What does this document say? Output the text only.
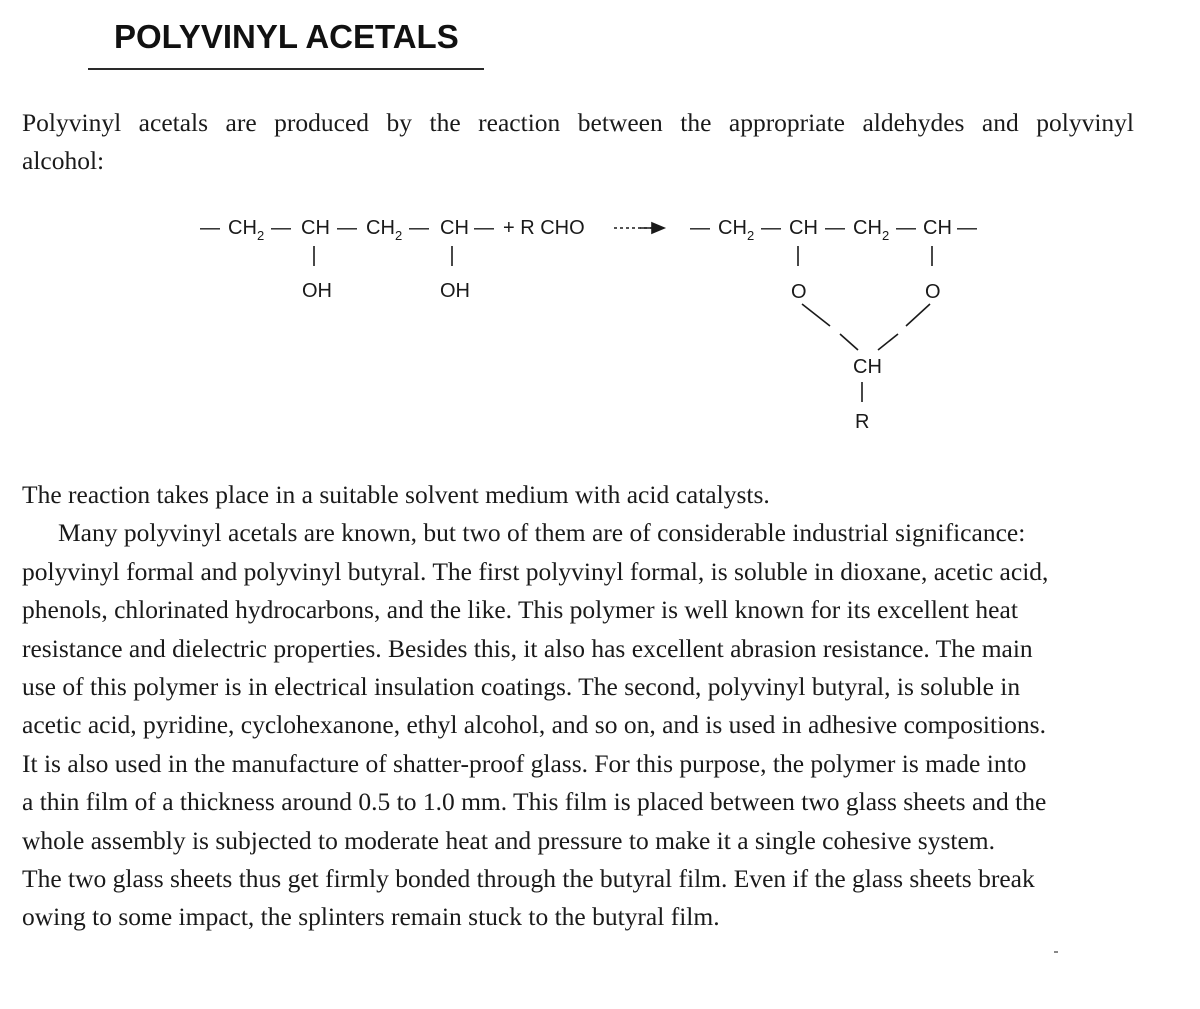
POLYVINYL ACETALS

Polyvinyl acetals are produced by the reaction between the appropriate aldehydes and polyvinyl
alcohol:

— CH 2 — CH — CH 2 — CH —
OH	OH
+ R CHO	— CH 2 — CH — CH 2 — CH —
O	O
CH
R

The reaction takes place in a suitable solvent medium with acid catalysts.
Many polyvinyl acetals are known, but two of them are of considerable industrial significance:
polyvinyl formal and polyvinyl butyral. The first polyvinyl formal, is soluble in dioxane, acetic acid,
phenols, chlorinated hydrocarbons, and the like. This polymer is well known for its excellent heat
resistance and dielectric properties. Besides this, it also has excellent abrasion resistance. The main
use of this polymer is in electrical insulation coatings. The second, polyvinyl butyral, is soluble in
acetic acid, pyridine, cyclohexanone, ethyl alcohol, and so on, and is used in adhesive compositions.
It is also used in the manufacture of shatter-proof glass. For this purpose, the polymer is made into
a thin film of a thickness around 0.5 to 1.0 mm. This film is placed between two glass sheets and the
whole assembly is subjected to moderate heat and pressure to make it a single cohesive system.
The two glass sheets thus get firmly bonded through the butyral film. Even if the glass sheets break
owing to some impact, the splinters remain stuck to the butyral film.
